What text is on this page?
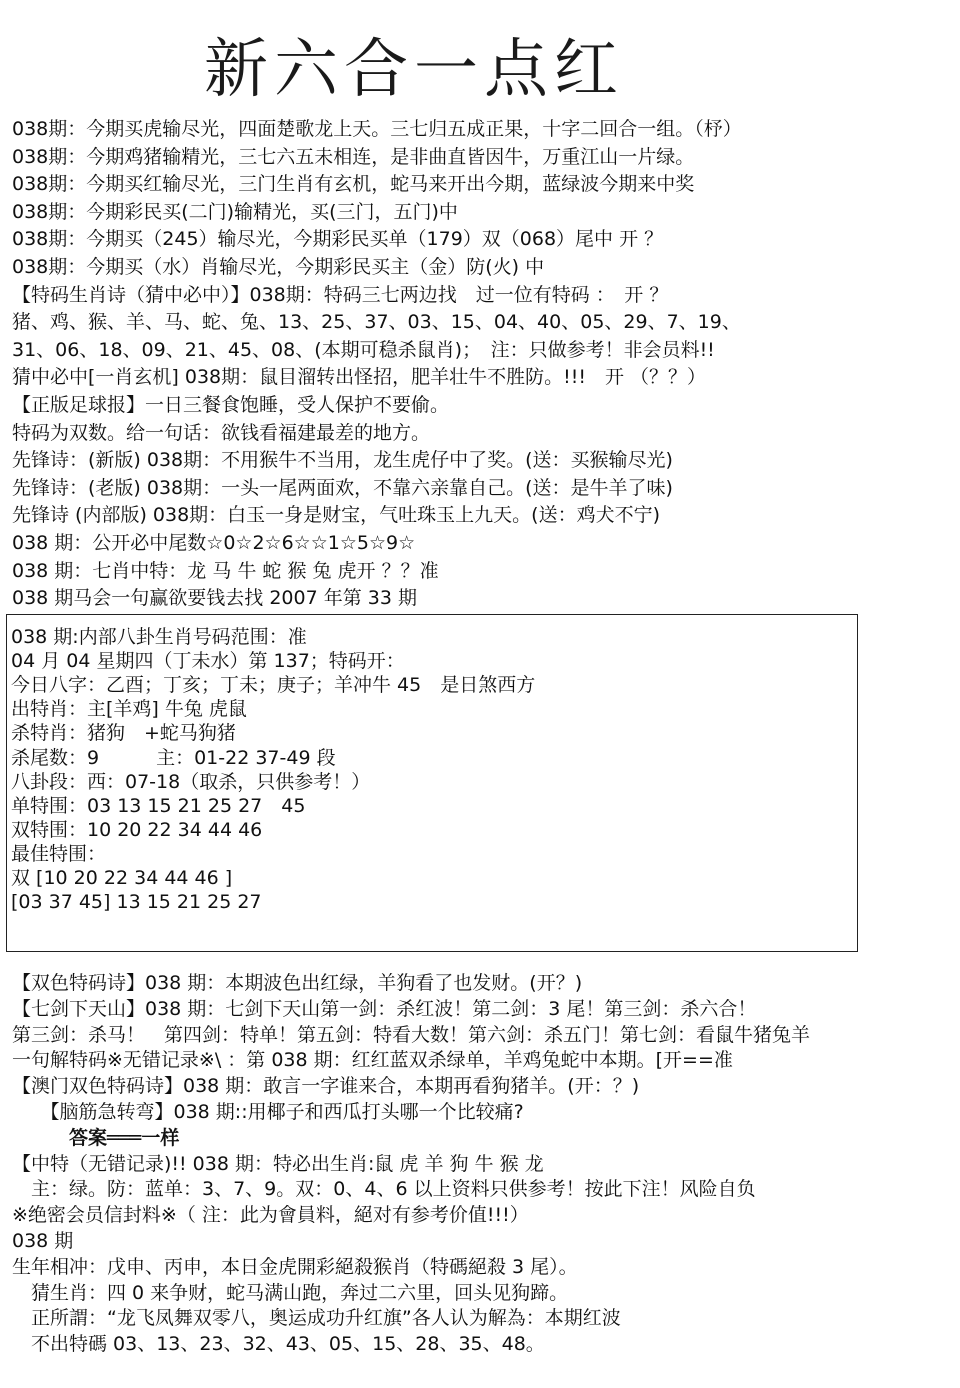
新六合一点红
038期：今期买虎输尽光，四面楚歌龙上天。三七归五成正果，十字二回合一组。（杼）
038期：今期鸡猪输精光，三七六五未相连，是非曲直皆因牛，万重江山一片绿。
038期：今期买红输尽光，三门生肖有玄机，蛇马来开出今期，蓝绿波今期来中奖
038期：今期彩民买(二门)输精光，买(三门，五门)中
038期：今期买（245）输尽光，今期彩民买单（179）双（068）尾中 开 ？
038期：今期买（水）肖输尽光，今期彩民买主（金）防(火) 中
【特码生肖诗（猜中必中）】038期：特码三七两边找　过一位有特码 ：　开 ？
猪、鸡、猴、羊、马、蛇、兔、13、25、37、03、15、04、40、05、29、7、19、
31、06、18、09、21、45、08、(本期可稳杀鼠肖)；　注：只做参考！非会员料!!
猜中必中[一肖玄机] 038期：鼠目溜转出怪招，肥羊壮牛不胜防。!!!　开 （？？）
【正版足球报】一日三餐食饱睡，受人保护不要偷。
特码为双数。给一句话：欲钱看福建最差的地方。
先锋诗：(新版) 038期：不用猴牛不当用，龙生虎仔中了奖。(送：买猴输尽光)
先锋诗：(老版) 038期：一头一尾两面欢，不靠六亲靠自己。(送：是牛羊了味)
先锋诗 (内部版) 038期：白玉一身是财宝，气吐珠玉上九天。(送：鸡犬不宁)
038 期：公开必中尾数☆0☆2☆6☆☆1☆5☆9☆
038 期：七肖中特：龙 马 牛 蛇 猴 兔 虎开 ？？准
038 期马会一句赢欲要钱去找 2007 年第 33 期
038 期:内部八卦生肖号码范围：准
04 月 04 星期四（丁未水）第 137；特码开：
今日八字：乙酉；丁亥；丁未；庚子；羊冲牛 45　是日煞西方
出特肖：主[羊鸡] 牛兔 虎鼠
杀特肖：猪狗　+蛇马狗猪
杀尾数：9　　　主：01-22 37-49 段
八卦段：西：07-18（取杀，只供参考！）
单特围：03 13 15 21 25 27　45
双特围：10 20 22 34 44 46
最佳特围：
双 [10 20 22 34 44 46 ]
[03 37 45] 13 15 21 25 27
【双色特码诗】038 期：本期波色出红绿，羊狗看了也发财。(开？)
【七剑下天山】038 期：七剑下天山第一剑：杀红波！第二剑：3 尾！第三剑：杀六合！
第三剑：杀马！　第四剑：特单！第五剑：特看大数！第六剑：杀五门！第七剑：看鼠牛猪兔羊
一句解特码※无错记录※\ ：第 038 期：红红蓝双杀绿单，羊鸡兔蛇中本期。[开==准
【澳门双色特码诗】038 期：敢言一字谁来合，本期再看狗猪羊。(开：？)
　　【脑筋急转弯】038 期::用椰子和西瓜打头哪一个比较痛?
　　　答案═══一样
【中特（无错记录)!! 038 期：特必出生肖:鼠 虎 羊 狗 牛 猴 龙
　主：绿。防：蓝单：3、7、9。双：0、4、6 以上资料只供参考！按此下注！风险自负
※绝密会员信封料※（ 注：此为會員料，絕对有参考价值!!!）
038 期
生年相冲：戊申、丙申，本日金虎開彩絕殺猴肖（特碼絕殺 3 尾）。
　猜生肖：四 0 来争财，蛇马满山跑，奔过二六里，回头见狗蹄。
　正所謂：“龙飞凤舞双零八，奥运成功升红旗”各人认为解為：本期红波
　不出特碼 03、13、23、32、43、05、15、28、35、48。
